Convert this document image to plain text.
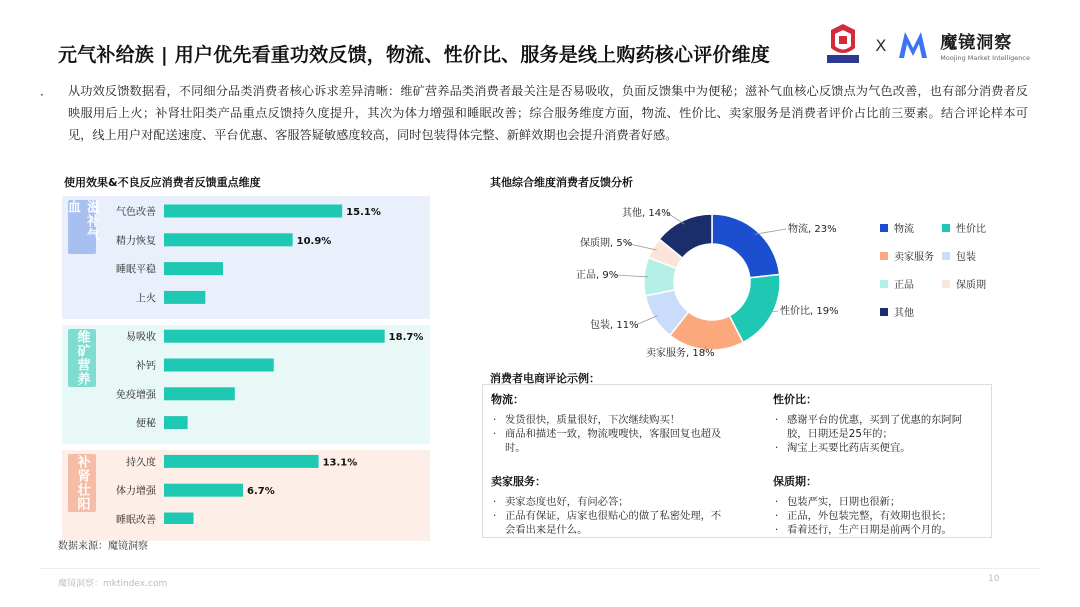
元气补给族 | 用户优先看重功效反馈，物流、性价比、服务是线上购药核心评价维度	X	魔镜洞察
Moojing Market Intelligence
· 从功效反馈数据看，不同细分品类消费者核心诉求差异清晰：维矿营养品类消费者最关注是否易吸收，负面反馈集中为便秘；滋补气血核心反馈点为气色改善，也有部分消费者反映服用后上火；补肾壮阳类产品重点反馈持久度提升，其次为体力增强和睡眠改善；综合服务维度方面，物流、性价比、卖家服务是消费者评价占比前三要素。结合评论样本可见，线上用户对配送速度、平台优惠、客服答疑敏感度较高，同时包装得体完整、新鲜效期也会提升消费者好感。

使用效果&不良反应消费者反馈重点维度
滋补气血
维矿营养
补肾壮阳
气色改善	15.1%
精力恢复	10.9%
睡眠平稳
上火
易吸收	18.7%
补钙
免疫增强
便秘
持久度	13.1%
体力增强	6.7%
睡眠改善
数据来源：魔镜洞察
其他综合维度消费者反馈分析
物流, 23%
性价比, 19%
卖家服务, 18%
包装, 11%
正品, 9%
保质期, 5%
其他, 14%
物流	性价比
卖家服务 包装
正品	保质期
其他
消费者电商评论示例：
物流：
· 发货很快，质量很好，下次继续购买！
· 商品和描述一致，物流嗖嗖快，客服回复也超及时。
性价比：
· 感谢平台的优惠，买到了优惠的东阿阿胶，日期还是25年的；
· 淘宝上买要比药店买便宜。
卖家服务：
· 卖家态度也好，有问必答；
· 正品有保证，店家也很贴心的做了私密处理，不会看出来是什么。
保质期：
· 包装严实，日期也很新；
· 正品，外包装完整，有效期也很长；
· 看着还行，生产日期是前两个月的。
魔镜洞察：mktindex.com	10
